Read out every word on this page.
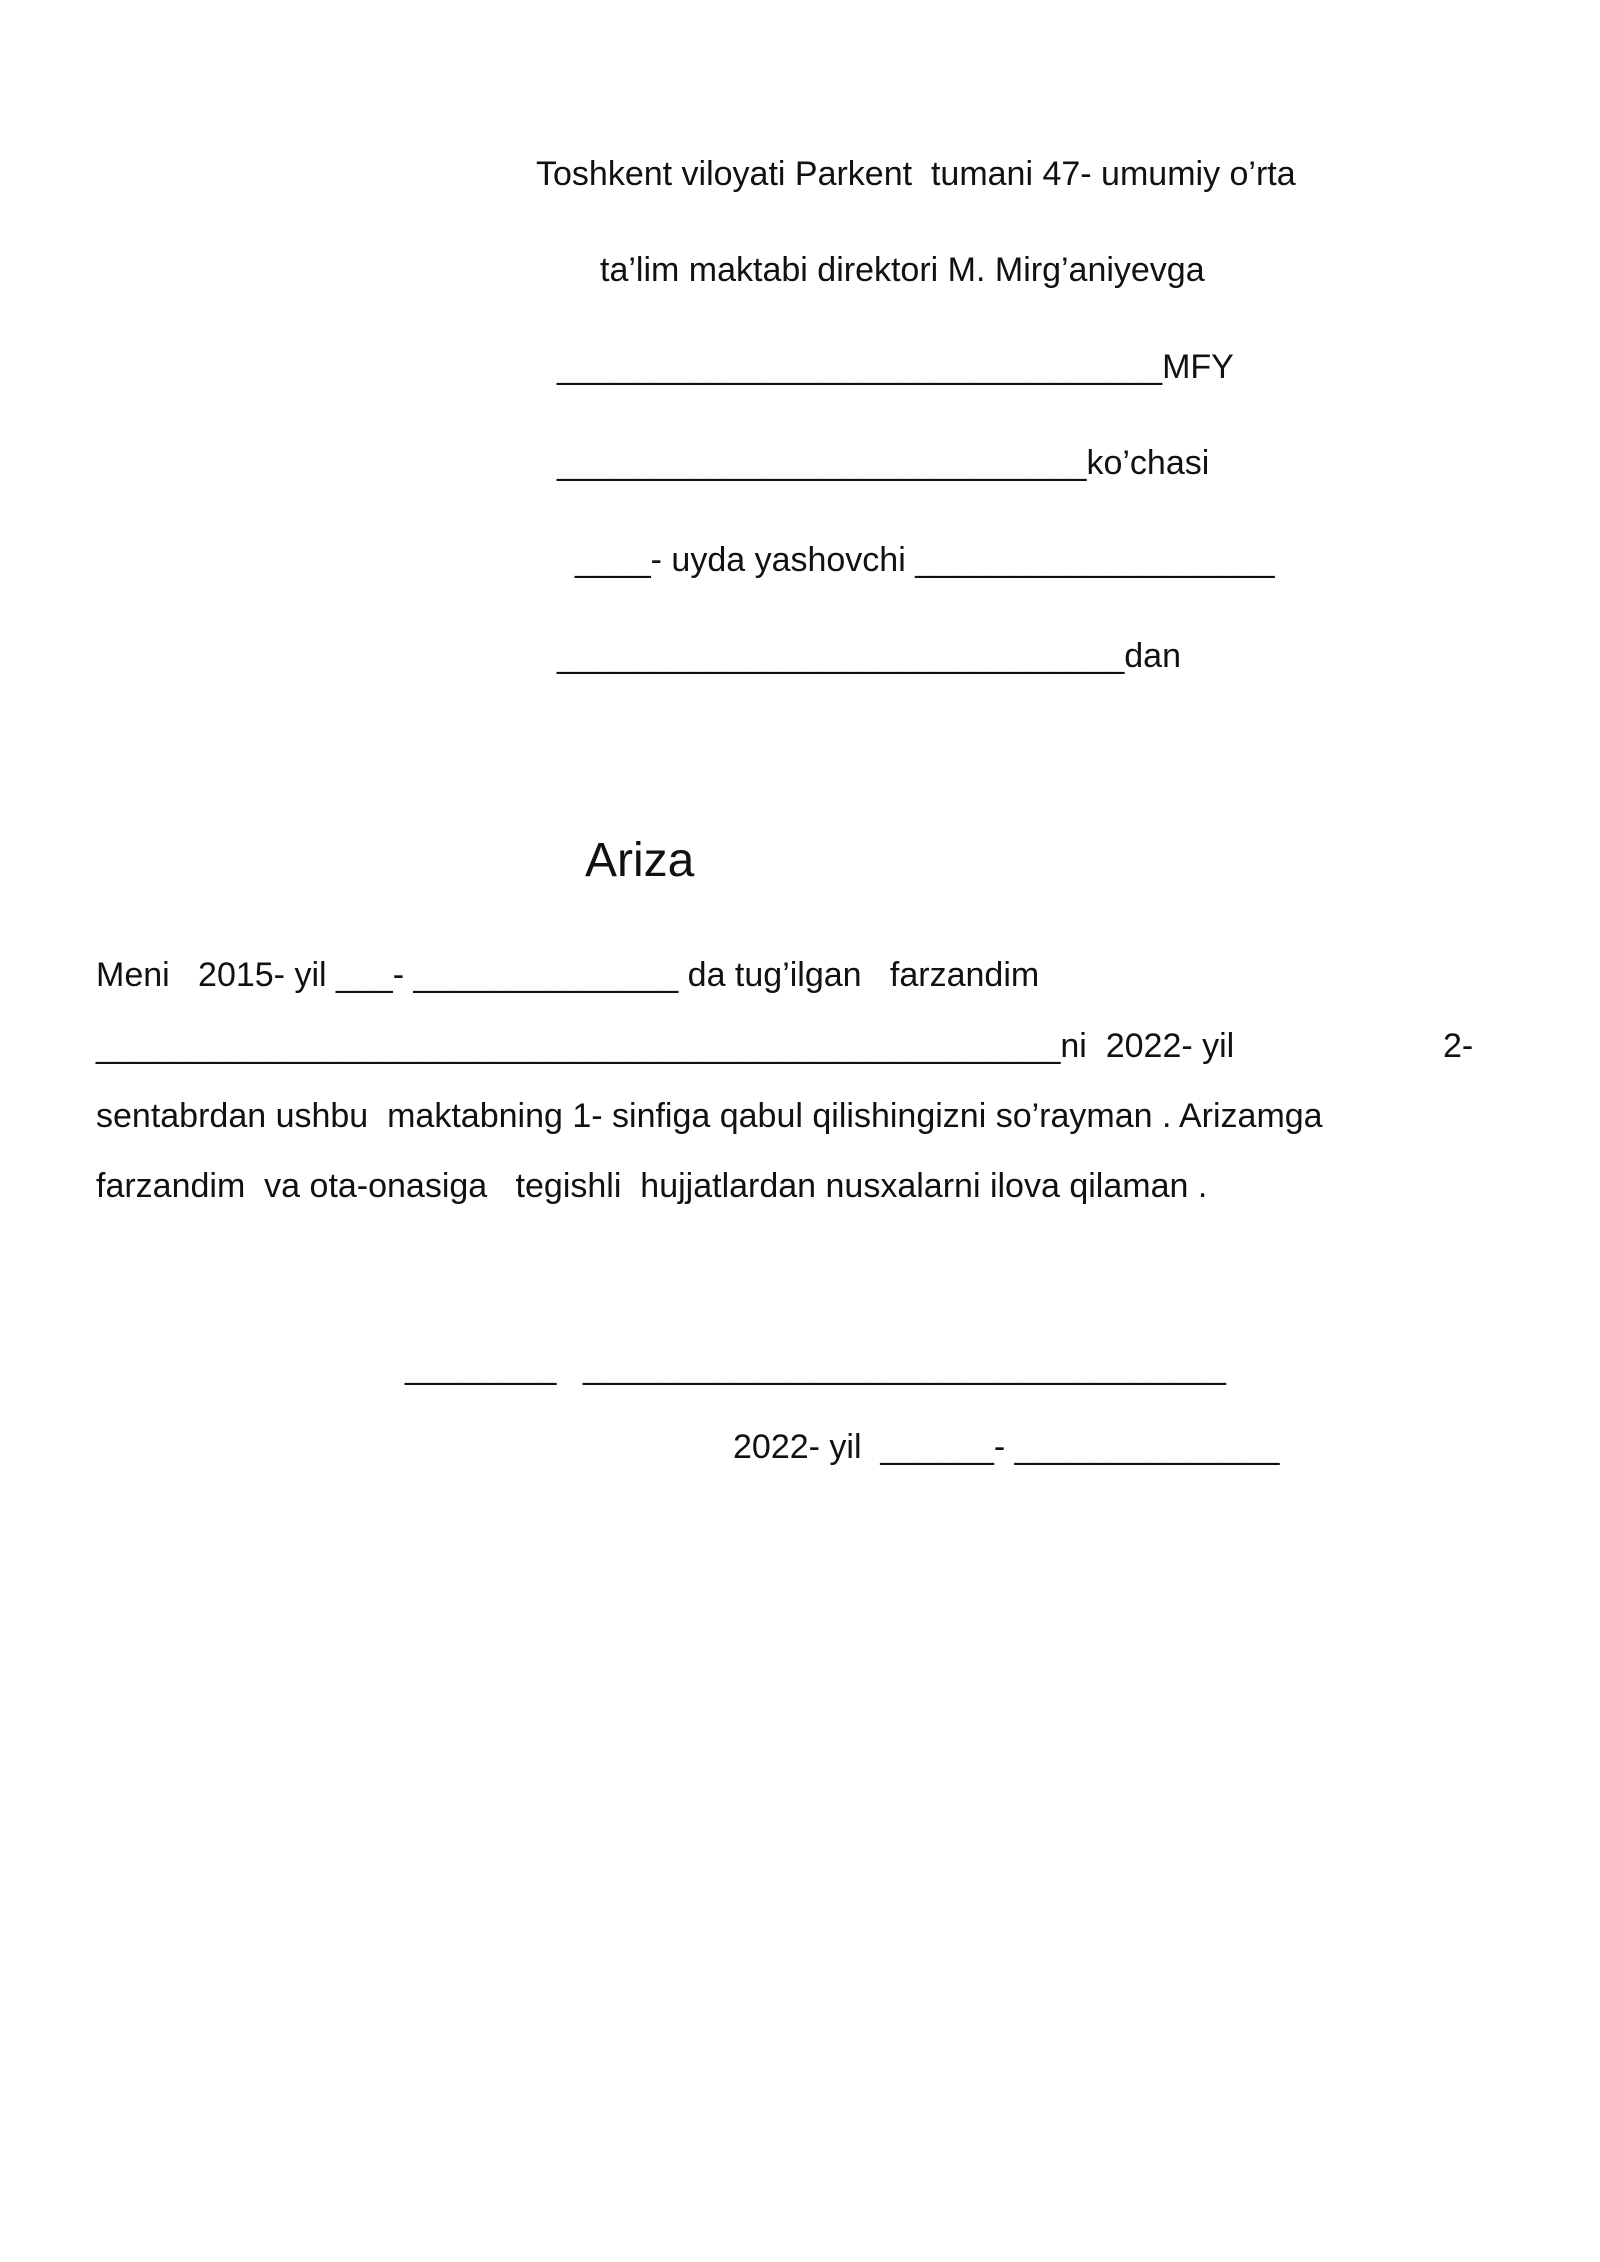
Toshkent viloyati Parkent  tumani 47- umumiy o’rta
ta’lim maktabi direktori M. Mirg’aniyevga
________________________________MFY
____________________________ko’chasi
____- uyda yashovchi ___________________
______________________________dan
Ariza
Meni   2015- yil ___- ______________ da tug’ilgan   farzandim
___________________________________________________ni  2022- yil	2-
sentabrdan ushbu  maktabning 1- sinfiga qabul qilishingizni so’rayman . Arizamga
farzandim  va ota-onasiga   tegishli  hujjatlardan nusxalarni ilova qilaman .
________ __________________________________
2022- yil  ______- ______________
